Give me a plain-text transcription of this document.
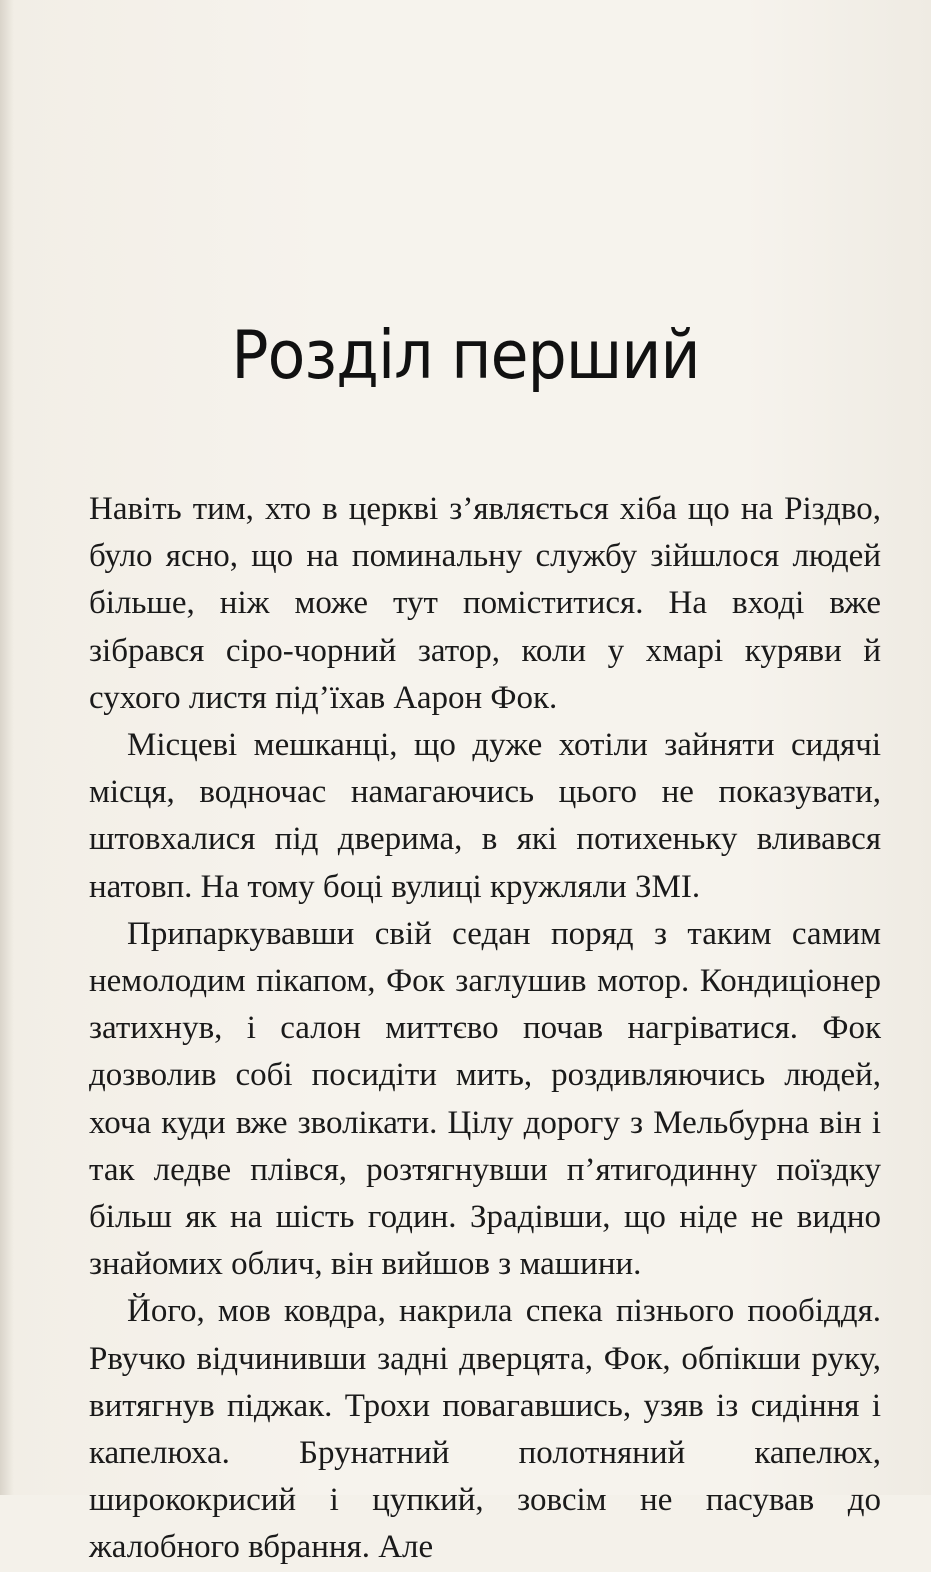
Розділ перший

Навіть тим, хто в церкві з’являється хіба що на Різдво, було ясно, що на поминальну службу зійшлося людей більше, ніж може тут поміститися. На вході вже зібрався сіро-чорний затор, коли у хмарі куряви й сухого листя під’їхав Аарон Фок.

Місцеві мешканці, що дуже хотіли зайняти сидячі місця, водночас намагаючись цього не показувати, штовхалися під дверима, в які потихеньку вливався натовп. На тому боці вулиці кружляли ЗМІ.

Припаркувавши свій седан поряд з таким самим немолодим пікапом, Фок заглушив мотор. Кондиціонер затихнув, і салон миттєво почав нагріватися. Фок дозволив собі посидіти мить, роздивляючись людей, хоча куди вже зволікати. Цілу дорогу з Мельбурна він і так ледве плівся, розтягнувши п’ятигодинну поїздку більш як на шість годин. Зрадівши, що ніде не видно знайомих облич, він вийшов з машини.

Його, мов ковдра, накрила спека пізнього пообіддя. Рвучко відчинивши задні дверцята, Фок, обпікши руку, витягнув піджак. Трохи повагавшись, узяв із сидіння і капелюха. Брунатний полотняний капелюх, ширококрисий і цупкий, зовсім не пасував до жалобного вбрання. Але
